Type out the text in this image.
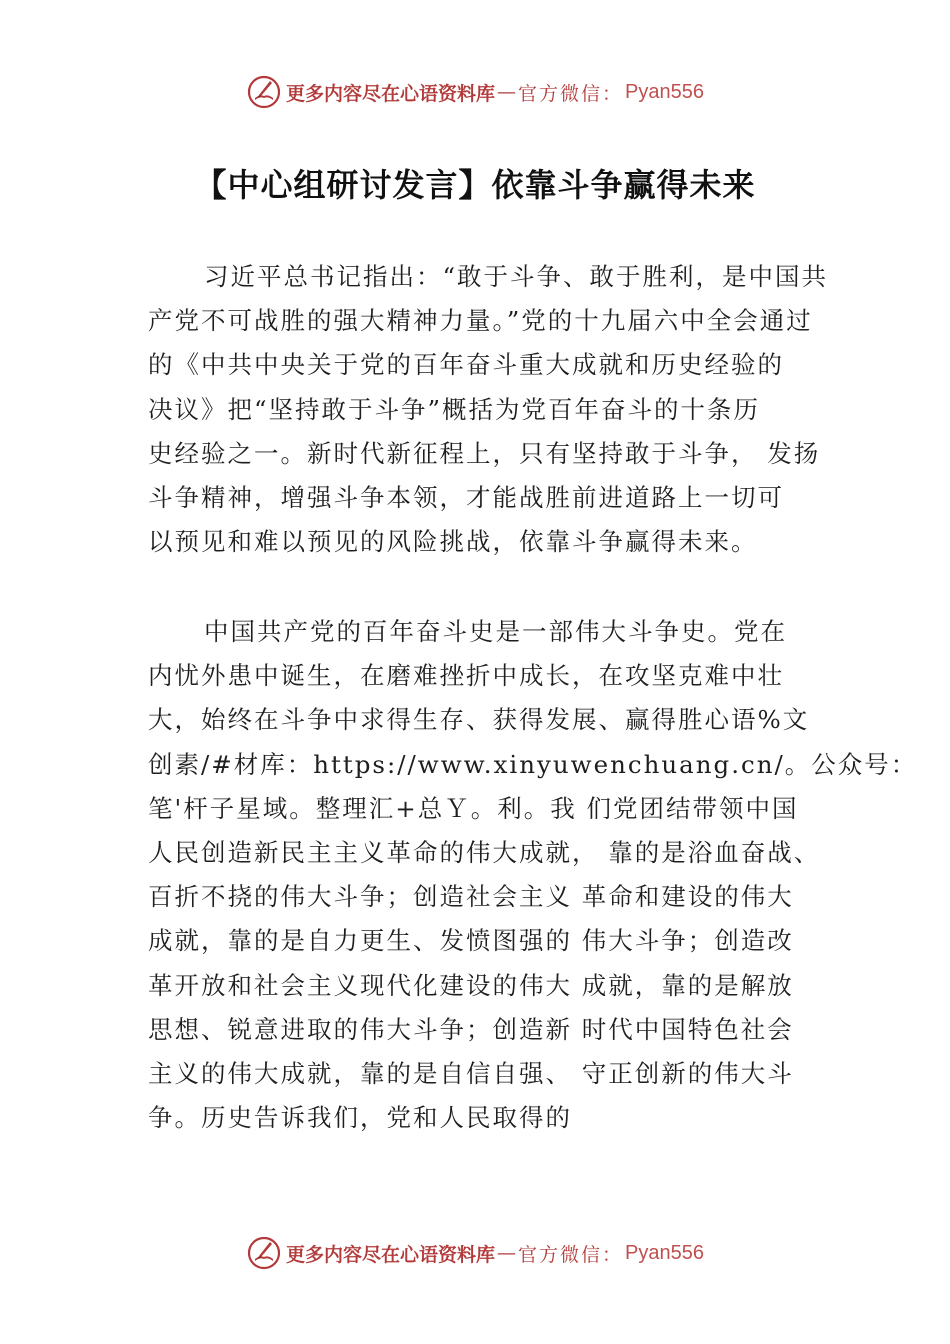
更多内容尽在心语资料库 — 官方微信： Pyan556
【中心组研讨发言】依靠斗争赢得未来
习近平总书记指出：“敢于斗争、敢于胜利，是中国共
产党不可战胜的强大精神力量。”党的十九届六中全会通过
的《中共中央关于党的百年奋斗重大成就和历史经验的
决议》把“坚持敢于斗争”概括为党百年奋斗的十条历
史经验之一。新时代新征程上，只有坚持敢于斗争， 发扬
斗争精神，增强斗争本领，才能战胜前进道路上一切可
以预见和难以预见的风险挑战，依靠斗争赢得未来。
中国共产党的百年奋斗史是一部伟大斗争史。党在
内忧外患中诞生，在磨难挫折中成长，在攻坚克难中壮
大，始终在斗争中求得生存、获得发展、赢得胜心语%文
创素/#材库：https://www.xinyuwenchuang.cn/。公众号：
笔'杆子星域。整理汇+总Ｙ。利。我 们党团结带领中国
人民创造新民主主义革命的伟大成就， 靠的是浴血奋战、
百折不挠的伟大斗争；创造社会主义 革命和建设的伟大
成就，靠的是自力更生、发愤图强的 伟大斗争；创造改
革开放和社会主义现代化建设的伟大 成就，靠的是解放
思想、锐意进取的伟大斗争；创造新 时代中国特色社会
主义的伟大成就，靠的是自信自强、 守正创新的伟大斗
争。历史告诉我们，党和人民取得的
更多内容尽在心语资料库 — 官方微信： Pyan556
